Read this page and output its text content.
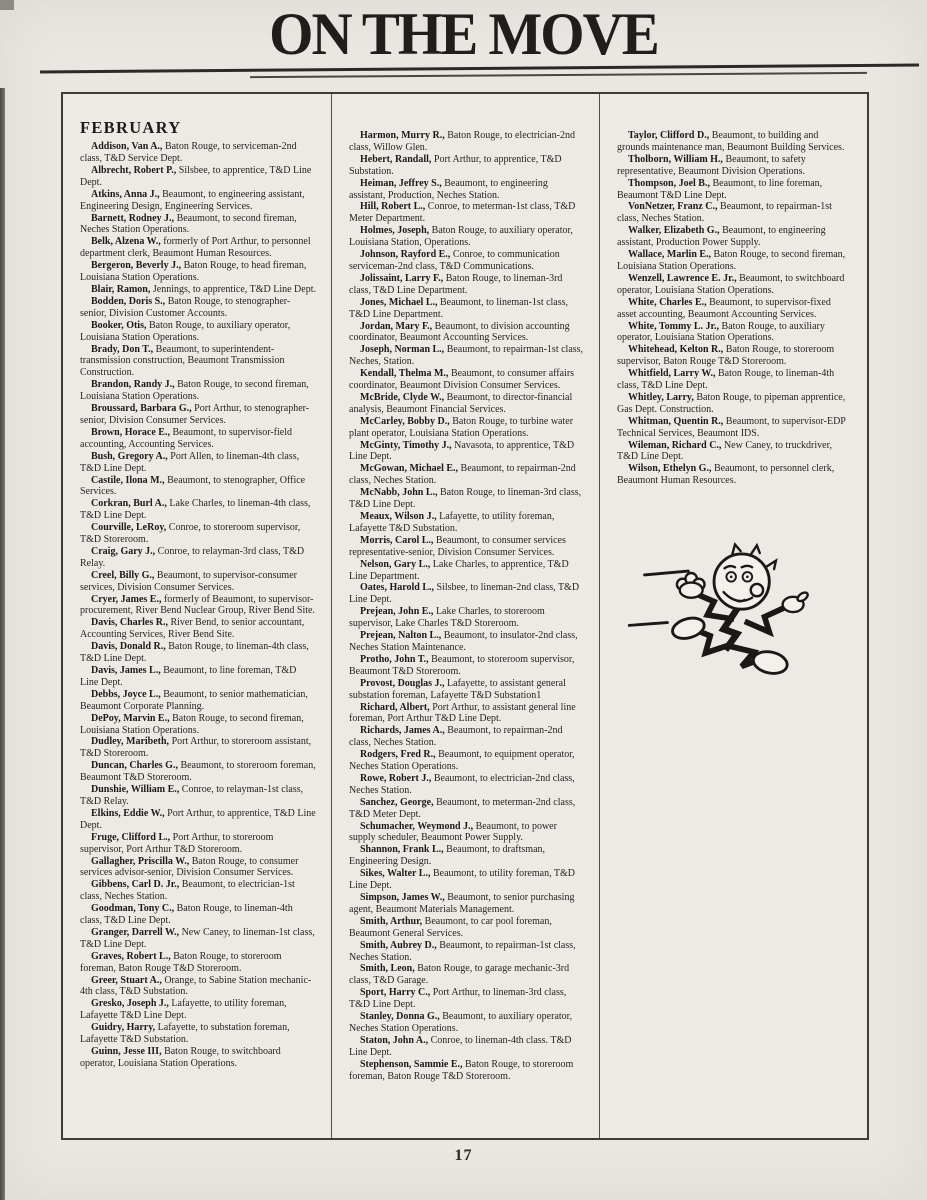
ON THE MOVE
FEBRUARY

Addison, Van A., Baton Rouge, to serviceman-2nd class, T&D Service Dept.

Albrecht, Robert P., Silsbee, to apprentice, T&D Line Dept.

Atkins, Anna J., Beaumont, to engineering assistant, Engineering Design, Engineering Services.

Barnett, Rodney J., Beaumont, to second fireman, Neches Station Operations.

Belk, Alzena W., formerly of Port Arthur, to personnel department clerk, Beaumont Human Resources.

Bergeron, Beverly J., Baton Rouge, to head fireman, Louisiana Station Operations.

Blair, Ramon, Jennings, to apprentice, T&D Line Dept.

Bodden, Doris S., Baton Rouge, to stenographer-senior, Division Customer Accounts.

Booker, Otis, Baton Rouge, to auxiliary operator, Louisiana Station Operations.

Brady, Don T., Beaumont, to superintendent-transmission construction, Beaumont Transmission Construction.

Brandon, Randy J., Baton Rouge, to second fireman, Louisiana Station Operations.

Broussard, Barbara G., Port Arthur, to stenographer-senior, Division Consumer Services.

Brown, Horace E., Beaumont, to supervisor-field accounting, Accounting Services.

Bush, Gregory A., Port Allen, to lineman-4th class, T&D Line Dept.

Castile, Ilona M., Beaumont, to stenographer, Office Services.

Corkran, Burl A., Lake Charles, to lineman-4th class, T&D Line Dept.

Courville, LeRoy, Conroe, to storeroom supervisor, T&D Storeroom.

Craig, Gary J., Conroe, to relayman-3rd class, T&D Relay.

Creel, Billy G., Beaumont, to supervisor-consumer services, Division Consumer Services.

Cryer, James E., formerly of Beaumont, to supervisor-procurement, River Bend Nuclear Group, River Bend Site.

Davis, Charles R., River Bend, to senior accountant, Accounting Services, River Bend Site.

Davis, Donald R., Baton Rouge, to lineman-4th class, T&D Line Dept.

Davis, James L., Beaumont, to line foreman, T&D Line Dept.

Debbs, Joyce L., Beaumont, to senior mathematician, Beaumont Corporate Planning.

DePoy, Marvin E., Baton Rouge, to second fireman, Louisiana Station Operations.

Dudley, Maribeth, Port Arthur, to storeroom assistant, T&D Storeroom.

Duncan, Charles G., Beaumont, to storeroom foreman, Beaumont T&D Storeroom.

Dunshie, William E., Conroe, to relayman-1st class, T&D Relay.

Elkins, Eddie W., Port Arthur, to apprentice, T&D Line Dept.

Fruge, Clifford L., Port Arthur, to storeroom supervisor, Port Arthur T&D Storeroom.

Gallagher, Priscilla W., Baton Rouge, to consumer services advisor-senior, Division Consumer Services.

Gibbens, Carl D. Jr., Beaumont, to electrician-1st class, Neches Station.

Goodman, Tony C., Baton Rouge, to lineman-4th class, T&D Line Dept.

Granger, Darrell W., New Caney, to lineman-1st class, T&D Line Dept.

Graves, Robert L., Baton Rouge, to storeroom foreman, Baton Rouge T&D Storeroom.

Greer, Stuart A., Orange, to Sabine Station mechanic-4th class, T&D Substation.

Gresko, Joseph J., Lafayette, to utility foreman, Lafayette T&D Line Dept.

Guidry, Harry, Lafayette, to substation foreman, Lafayette T&D Substation.

Guinn, Jesse III, Baton Rouge, to switchboard operator, Louisiana Station Operations.

Harmon, Murry R., Baton Rouge, to electrician-2nd class, Willow Glen.

Hebert, Randall, Port Arthur, to apprentice, T&D Substation.

Heiman, Jeffrey S., Beaumont, to engineering assistant, Production, Neches Station.

Hill, Robert L., Conroe, to meterman-1st class, T&D Meter Department.

Holmes, Joseph, Baton Rouge, to auxiliary operator, Louisiana Station, Operations.

Johnson, Rayford E., Conroe, to communication serviceman-2nd class, T&D Communications.

Jolissaint, Larry F., Baton Rouge, to lineman-3rd class, T&D Line Department.

Jones, Michael L., Beaumont, to lineman-1st class, T&D Line Department.

Jordan, Mary F., Beaumont, to division accounting coordinator, Beaumont Accounting Services.

Joseph, Norman L., Beaumont, to repairman-1st class, Neches, Station.

Kendall, Thelma M., Beaumont, to consumer affairs coordinator, Beaumont Division Consumer Services.

McBride, Clyde W., Beaumont, to director-financial analysis, Beaumont Financial Services.

McCarley, Bobby D., Baton Rouge, to turbine water plant operator, Louisiana Station Operations.

McGinty, Timothy J., Navasota, to apprentice, T&D Line Dept.

McGowan, Michael E., Beaumont, to repairman-2nd class, Neches Station.

McNabb, John L., Baton Rouge, to lineman-3rd class, T&D Line Dept.

Meaux, Wilson J., Lafayette, to utility foreman, Lafayette T&D Substation.

Morris, Carol L., Beaumont, to consumer services representative-senior, Division Consumer Services.

Nelson, Gary L., Lake Charles, to apprentice, T&D Line Department.

Oates, Harold L., Silsbee, to lineman-2nd class, T&D Line Dept.

Prejean, John E., Lake Charles, to storeroom supervisor, Lake Charles T&D Storeroom.

Prejean, Nalton L., Beaumont, to insulator-2nd class, Neches Station Maintenance.

Protho, John T., Beaumont, to storeroom supervisor, Beaumont T&D Storeroom.

Provost, Douglas J., Lafayette, to assistant general substation foreman, Lafayette T&D Substation1

Richard, Albert, Port Arthur, to assistant general line foreman, Port Arthur T&D Line Dept.

Richards, James A., Beaumont, to repairman-2nd class, Neches Station.

Rodgers, Fred R., Beaumont, to equipment operator, Neches Station Operations.

Rowe, Robert J., Beaumont, to electrician-2nd class, Neches Station.

Sanchez, George, Beaumont, to meterman-2nd class, T&D Meter Dept.

Schumacher, Weymond J., Beaumont, to power supply scheduler, Beaumont Power Supply.

Shannon, Frank L., Beaumont, to draftsman, Engineering Design.

Sikes, Walter L., Beaumont, to utility foreman, T&D Line Dept.

Simpson, James W., Beaumont, to senior purchasing agent, Beaumont Materials Management.

Smith, Arthur, Beaumont, to car pool foreman, Beaumont General Services.

Smith, Aubrey D., Beaumont, to repairman-1st class, Neches Station.

Smith, Leon, Baton Rouge, to garage mechanic-3rd class, T&D Garage.

Sport, Harry C., Port Arthur, to lineman-3rd class, T&D Line Dept.

Stanley, Donna G., Beaumont, to auxiliary operator, Neches Station Operations.

Staton, John A., Conroe, to lineman-4th class. T&D Line Dept.

Stephenson, Sammie E., Baton Rouge, to storeroom foreman, Baton Rouge T&D Storeroom.

Taylor, Clifford D., Beaumont, to building and grounds maintenance man, Beaumont Building Services.

Tholborn, William H., Beaumont, to safety representative, Beaumont Division Operations.

Thompson, Joel B., Beaumont, to line foreman, Beaumont T&D Line Dept.

VonNetzer, Franz C., Beaumont, to repairman-1st class, Neches Station.

Walker, Elizabeth G., Beaumont, to engineering assistant, Production Power Supply.

Wallace, Marlin E., Baton Rouge, to second fireman, Louisiana Station Operations.

Wenzell, Lawrence E. Jr., Beaumont, to switchboard operator, Louisiana Station Operations.

White, Charles E., Beaumont, to supervisor-fixed asset accounting, Beaumont Accounting Services.

White, Tommy L. Jr., Baton Rouge, to auxiliary operator, Louisiana Station Operations.

Whitehead, Kelton R., Baton Rouge, to storeroom supervisor, Baton Rouge T&D Storeroom.

Whitfield, Larry W., Baton Rouge, to lineman-4th class, T&D Line Dept.

Whitley, Larry, Baton Rouge, to pipeman apprentice, Gas Dept. Construction.

Whitman, Quentin R., Beaumont, to supervisor-EDP Technical Services, Beaumont IDS.

Wileman, Richard C., New Caney, to truckdriver, T&D Line Dept.

Wilson, Ethelyn G., Beaumont, to personnel clerk, Beaumont Human Resources.

17
